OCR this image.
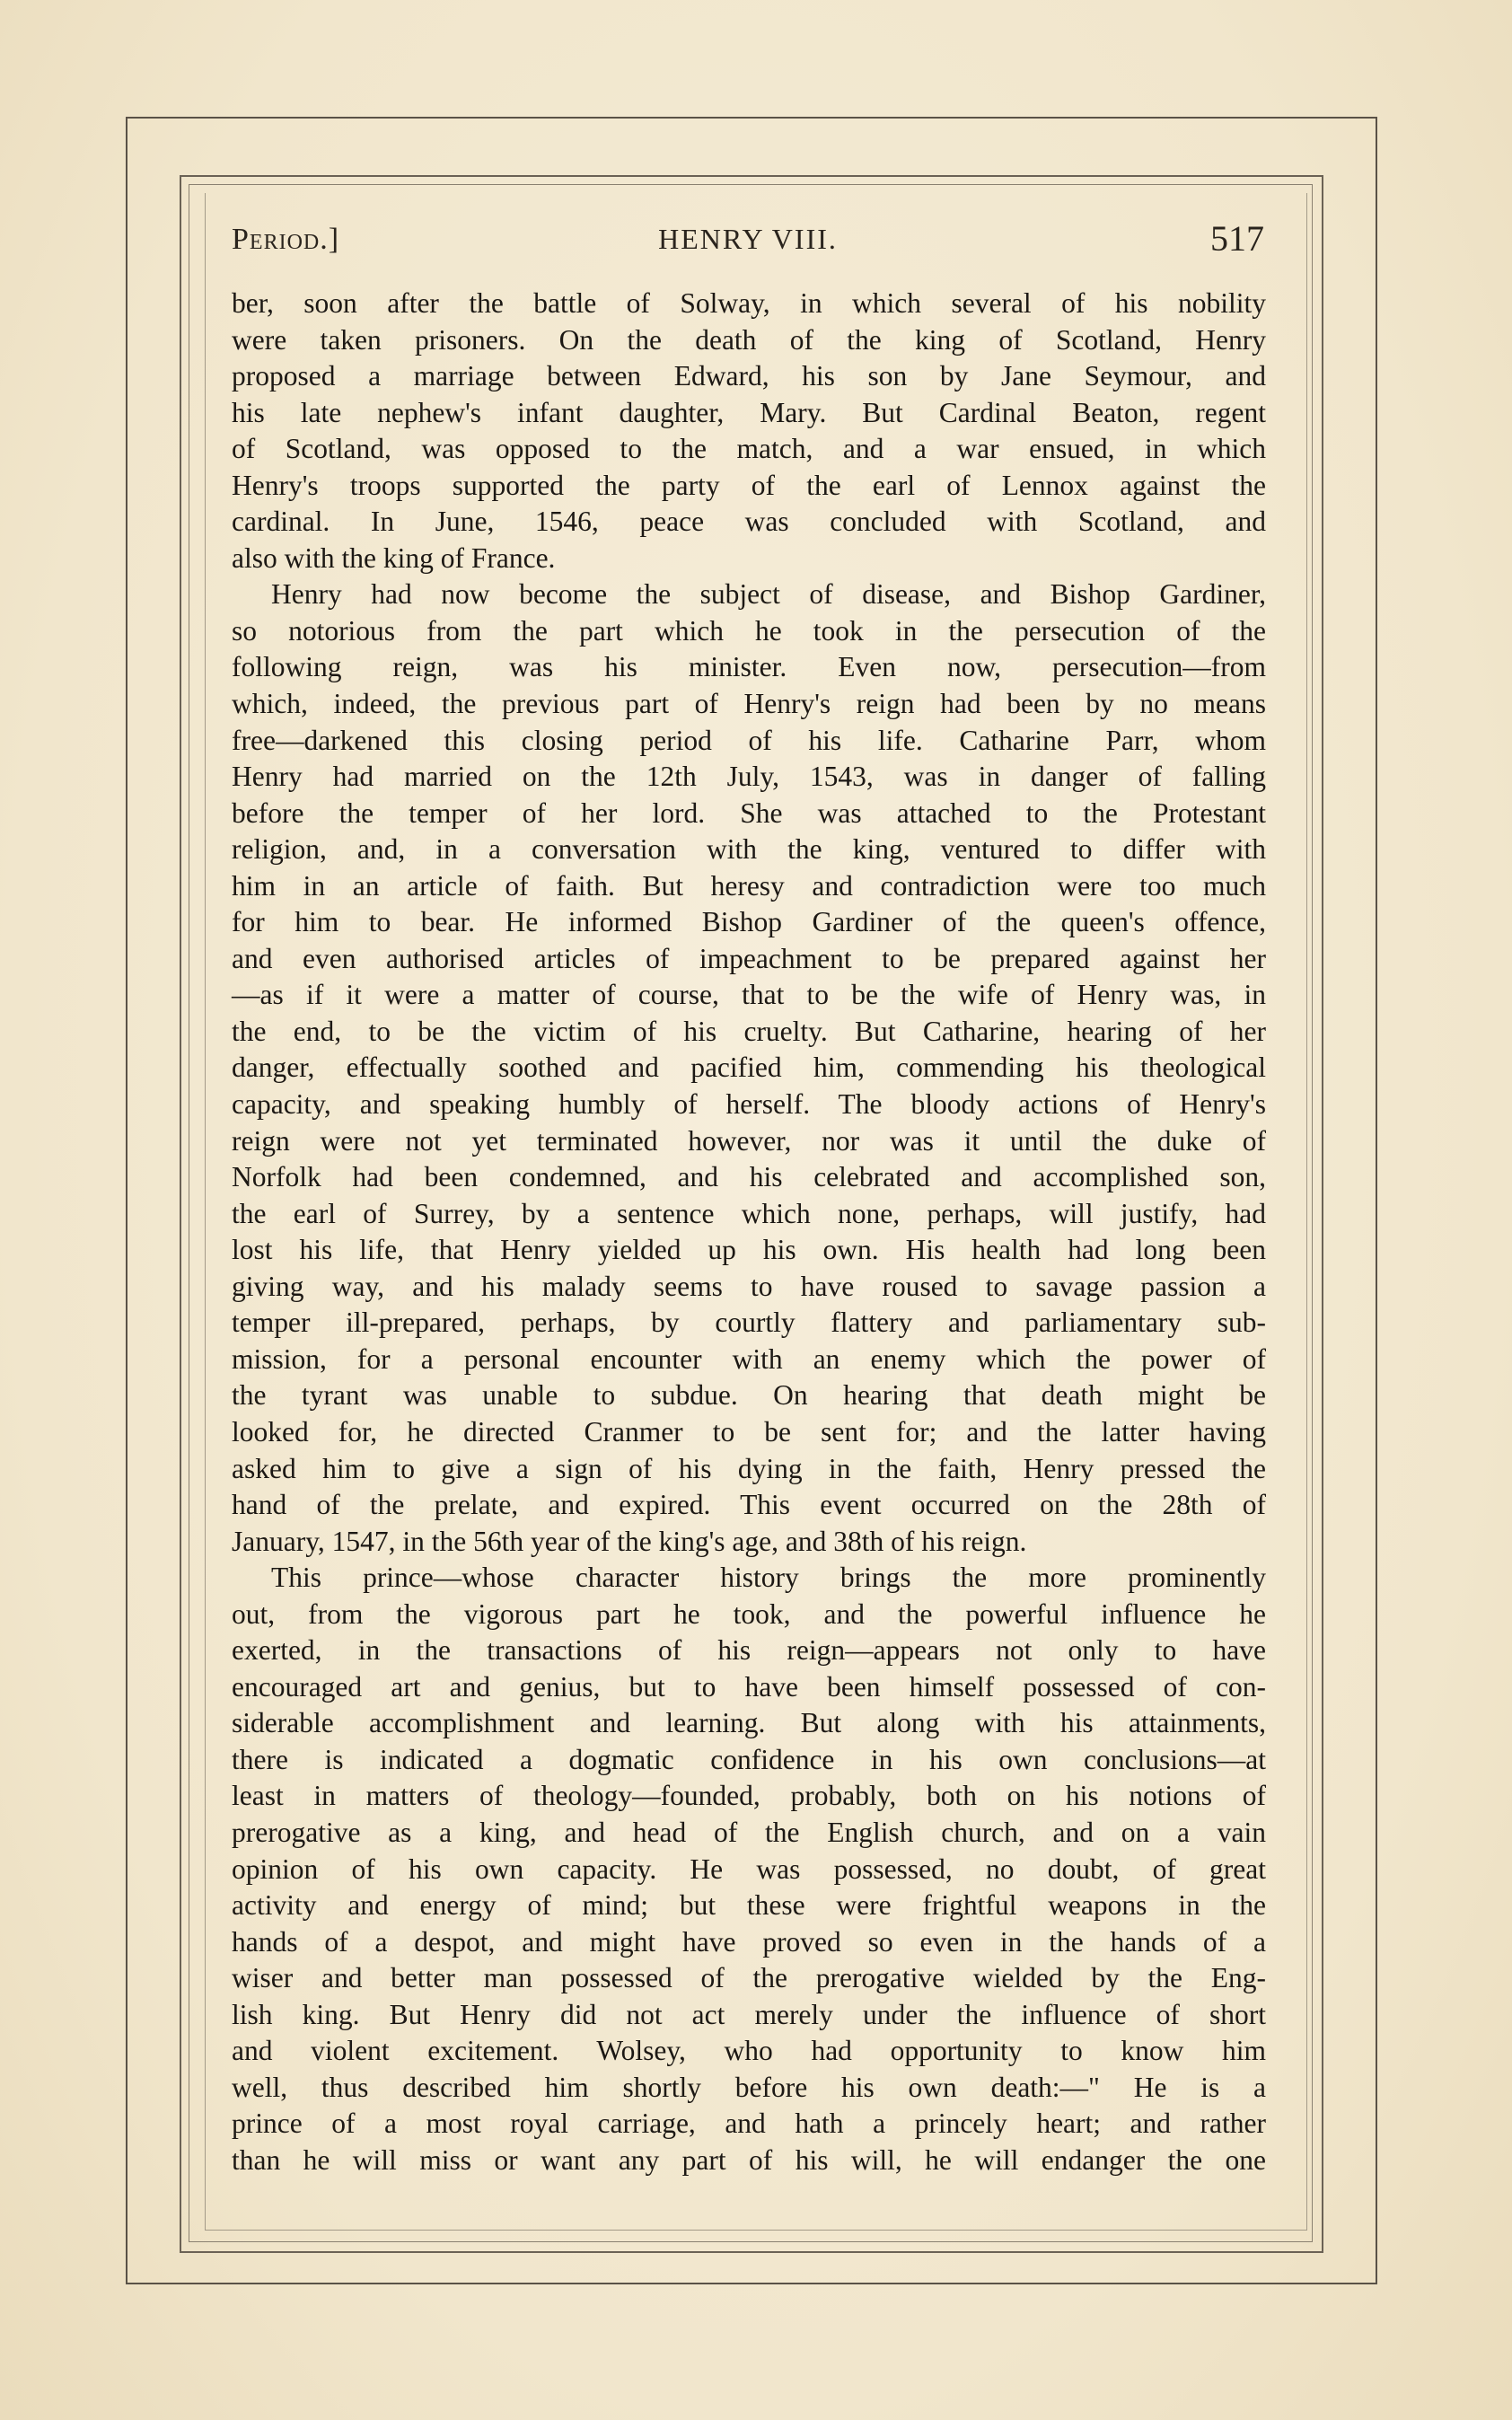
Period.]	HENRY VIII.	517
ber, soon after the battle of Solway, in which several of his nobility
were taken prisoners. On the death of the king of Scotland, Henry
proposed a marriage between Edward, his son by Jane Seymour, and
his late nephew's infant daughter, Mary. But Cardinal Beaton, regent
of Scotland, was opposed to the match, and a war ensued, in which
Henry's troops supported the party of the earl of Lennox against the
cardinal. In June, 1546, peace was concluded with Scotland, and
also with the king of France.
Henry had now become the subject of disease, and Bishop Gardiner,
so notorious from the part which he took in the persecution of the
following reign, was his minister. Even now, persecution—from
which, indeed, the previous part of Henry's reign had been by no means
free—darkened this closing period of his life. Catharine Parr, whom
Henry had married on the 12th July, 1543, was in danger of falling
before the temper of her lord. She was attached to the Protestant
religion, and, in a conversation with the king, ventured to differ with
him in an article of faith. But heresy and contradiction were too much
for him to bear. He informed Bishop Gardiner of the queen's offence,
and even authorised articles of impeachment to be prepared against her
—as if it were a matter of course, that to be the wife of Henry was, in
the end, to be the victim of his cruelty. But Catharine, hearing of her
danger, effectually soothed and pacified him, commending his theological
capacity, and speaking humbly of herself. The bloody actions of Henry's
reign were not yet terminated however, nor was it until the duke of
Norfolk had been condemned, and his celebrated and accomplished son,
the earl of Surrey, by a sentence which none, perhaps, will justify, had
lost his life, that Henry yielded up his own. His health had long been
giving way, and his malady seems to have roused to savage passion a
temper ill-prepared, perhaps, by courtly flattery and parliamentary sub-
mission, for a personal encounter with an enemy which the power of
the tyrant was unable to subdue. On hearing that death might be
looked for, he directed Cranmer to be sent for; and the latter having
asked him to give a sign of his dying in the faith, Henry pressed the
hand of the prelate, and expired. This event occurred on the 28th of
January, 1547, in the 56th year of the king's age, and 38th of his reign.
This prince—whose character history brings the more prominently
out, from the vigorous part he took, and the powerful influence he
exerted, in the transactions of his reign—appears not only to have
encouraged art and genius, but to have been himself possessed of con-
siderable accomplishment and learning. But along with his attainments,
there is indicated a dogmatic confidence in his own conclusions—at
least in matters of theology—founded, probably, both on his notions of
prerogative as a king, and head of the English church, and on a vain
opinion of his own capacity. He was possessed, no doubt, of great
activity and energy of mind; but these were frightful weapons in the
hands of a despot, and might have proved so even in the hands of a
wiser and better man possessed of the prerogative wielded by the Eng-
lish king. But Henry did not act merely under the influence of short
and violent excitement. Wolsey, who had opportunity to know him
well, thus described him shortly before his own death:—" He is a
prince of a most royal carriage, and hath a princely heart; and rather
than he will miss or want any part of his will, he will endanger the one
